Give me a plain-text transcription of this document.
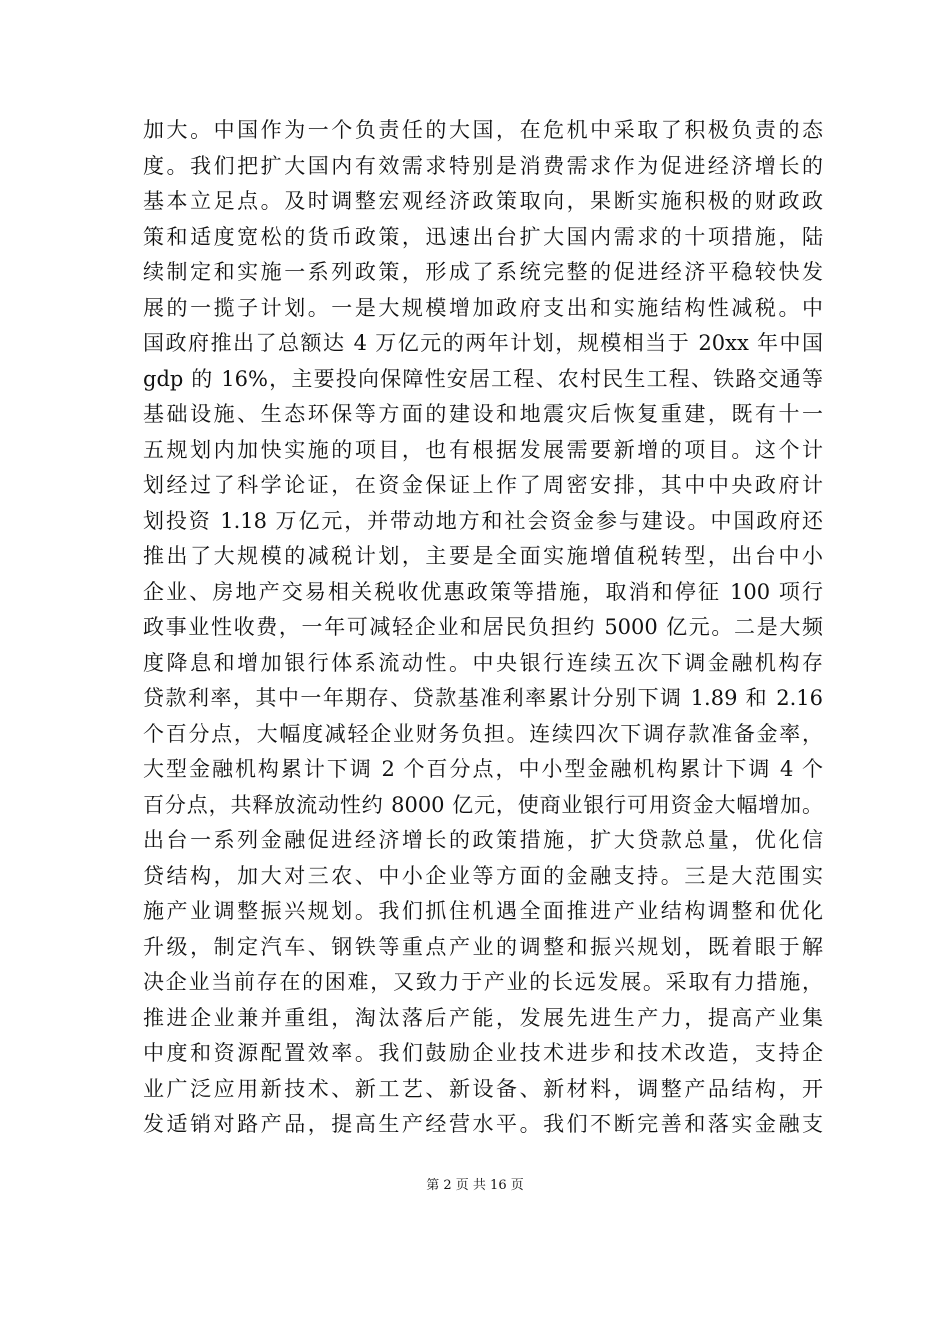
加大。中国作为一个负责任的大国，在危机中采取了积极负责的态
度。我们把扩大国内有效需求特别是消费需求作为促进经济增长的
基本立足点。及时调整宏观经济政策取向，果断实施积极的财政政
策和适度宽松的货币政策，迅速出台扩大国内需求的十项措施，陆
续制定和实施一系列政策，形成了系统完整的促进经济平稳较快发
展的一揽子计划。一是大规模增加政府支出和实施结构性减税。中
国政府推出了总额达 4 万亿元的两年计划，规模相当于 20xx 年中国
gdp 的 16%，主要投向保障性安居工程、农村民生工程、铁路交通等
基础设施、生态环保等方面的建设和地震灾后恢复重建，既有十一
五规划内加快实施的项目，也有根据发展需要新增的项目。这个计
划经过了科学论证，在资金保证上作了周密安排，其中中央政府计
划投资 1.18 万亿元，并带动地方和社会资金参与建设。中国政府还
推出了大规模的减税计划，主要是全面实施增值税转型，出台中小
企业、房地产交易相关税收优惠政策等措施，取消和停征 100 项行
政事业性收费，一年可减轻企业和居民负担约 5000 亿元。二是大频
度降息和增加银行体系流动性。中央银行连续五次下调金融机构存
贷款利率，其中一年期存、贷款基准利率累计分别下调 1.89 和 2.16
个百分点，大幅度减轻企业财务负担。连续四次下调存款准备金率，
大型金融机构累计下调 2 个百分点，中小型金融机构累计下调 4 个
百分点，共释放流动性约 8000 亿元，使商业银行可用资金大幅增加。
出台一系列金融促进经济增长的政策措施，扩大贷款总量，优化信
贷结构，加大对三农、中小企业等方面的金融支持。三是大范围实
施产业调整振兴规划。我们抓住机遇全面推进产业结构调整和优化
升级，制定汽车、钢铁等重点产业的调整和振兴规划，既着眼于解
决企业当前存在的困难，又致力于产业的长远发展。采取有力措施，
推进企业兼并重组，淘汰落后产能，发展先进生产力，提高产业集
中度和资源配置效率。我们鼓励企业技术进步和技术改造，支持企
业广泛应用新技术、新工艺、新设备、新材料，调整产品结构，开
发适销对路产品，提高生产经营水平。我们不断完善和落实金融支
第 2 页 共 16 页
